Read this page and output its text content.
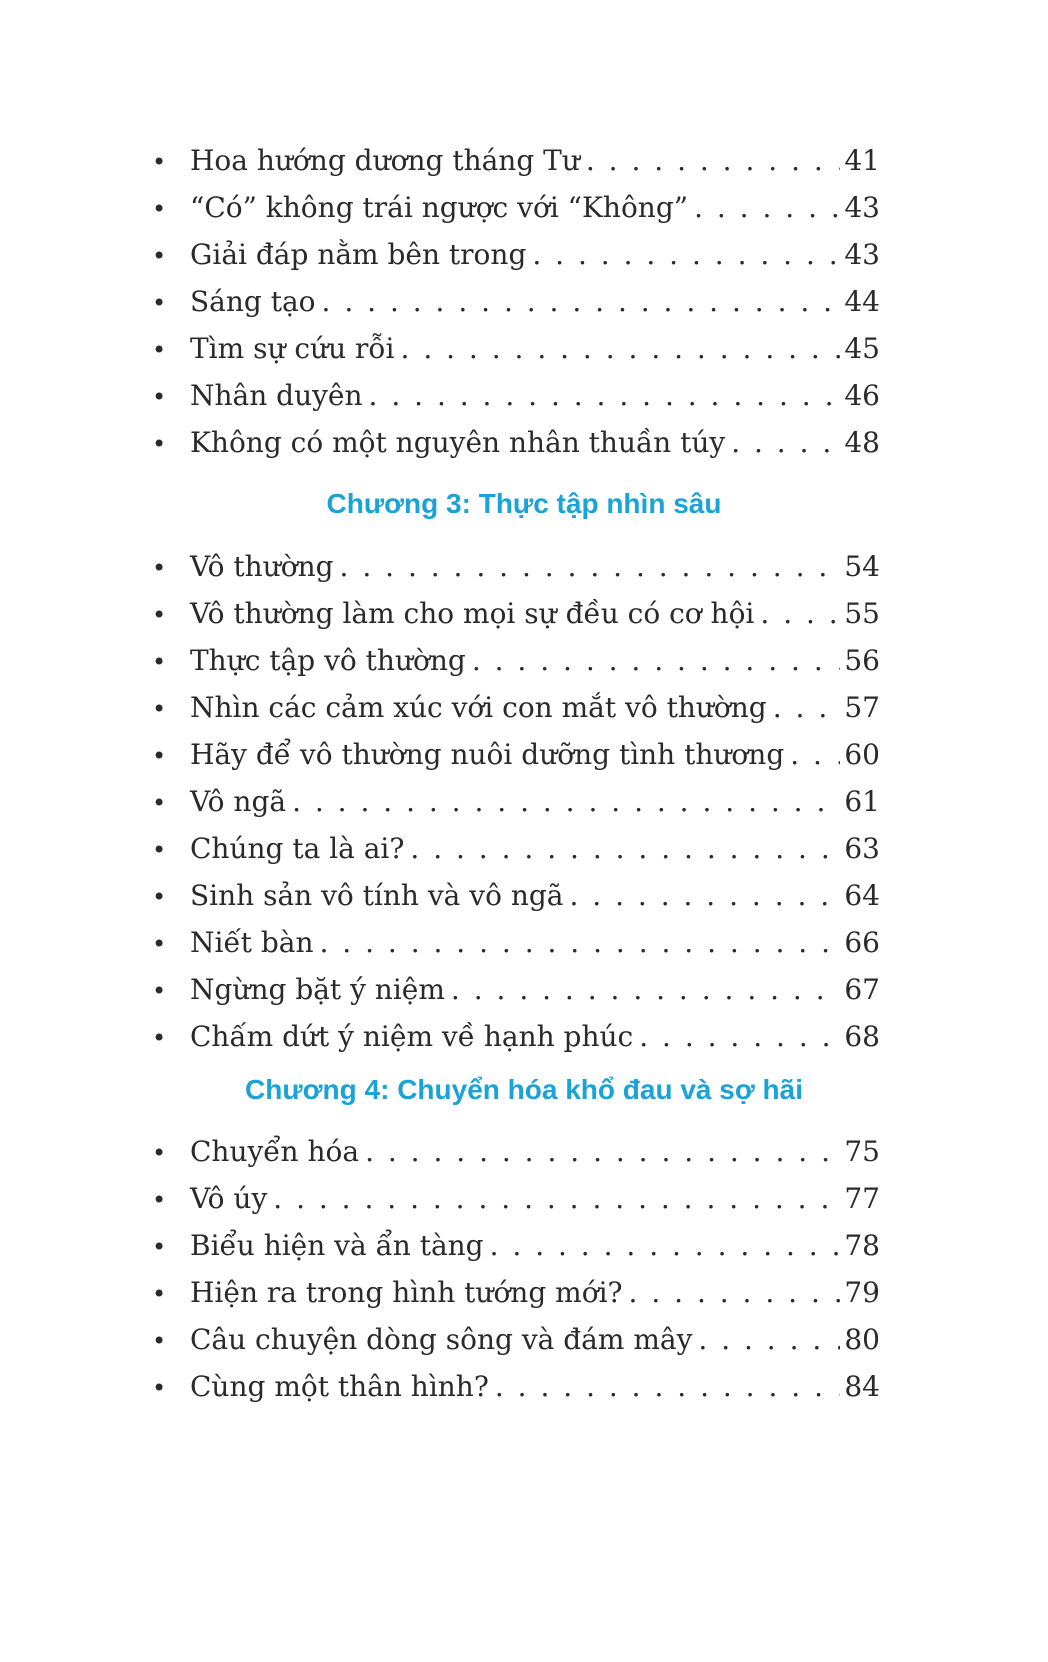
• Hoa hướng dương tháng Tư . . .	41
• “Có” không trái ngược với “Không” . . .	43
• Giải đáp nằm bên trong . . .	43
• Sáng tạo . . .	44
• Tìm sự cứu rỗi . . .	45
• Nhân duyên . . .	46
• Không có một nguyên nhân thuần túy . . .	48
Chương 3: Thực tập nhìn sâu
• Vô thường . . .	54
• Vô thường làm cho mọi sự đều có cơ hội . . .	55
• Thực tập vô thường . . .	56
• Nhìn các cảm xúc với con mắt vô thường . . .	57
• Hãy để vô thường nuôi dưỡng tình thương . . . 60
• Vô ngã . . .	61
• Chúng ta là ai? . . .	63
• Sinh sản vô tính và vô ngã . . .	64
• Niết bàn . . .	66
• Ngừng bặt ý niệm . . .	67
• Chấm dứt ý niệm về hạnh phúc . . .	68
Chương 4: Chuyển hóa khổ đau và sợ hãi
• Chuyển hóa . . .	75
• Vô úy . . .	77
• Biểu hiện và ẩn tàng . . .	78
• Hiện ra trong hình tướng mới? . . .	79
• Câu chuyện dòng sông và đám mây . . .	80
• Cùng một thân hình? . . .	84
